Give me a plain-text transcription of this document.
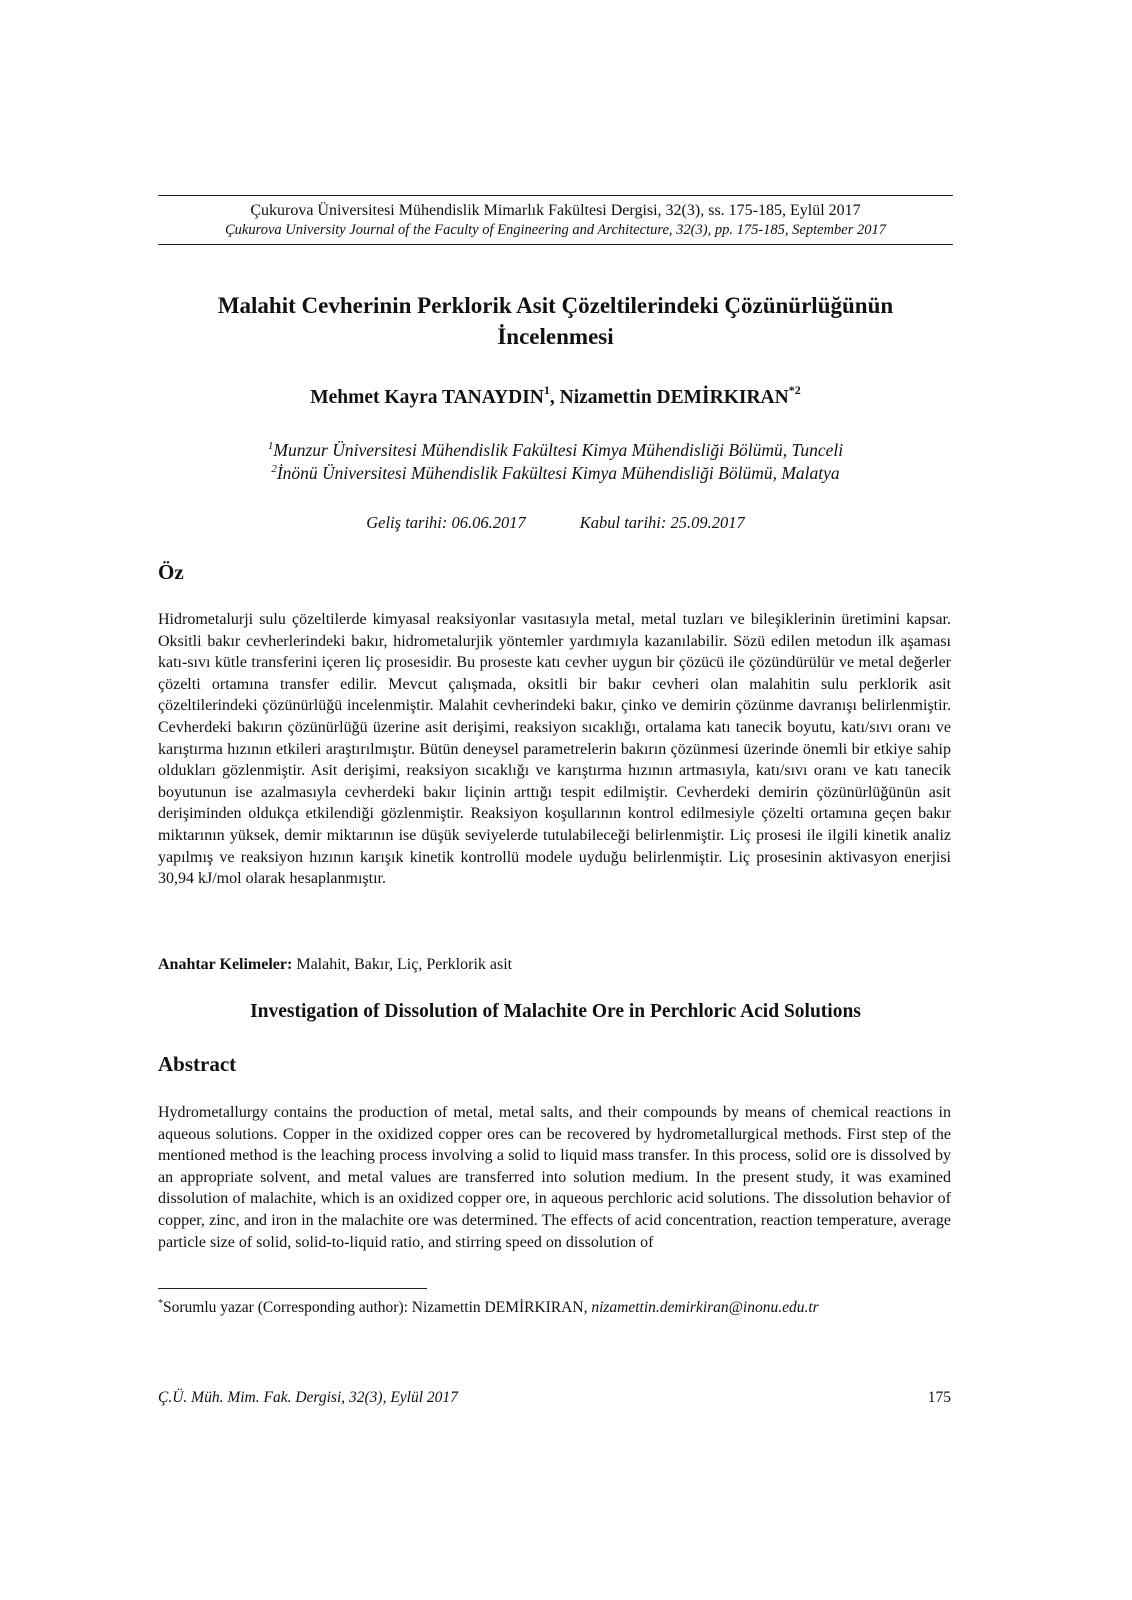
Çukurova Üniversitesi Mühendislik Mimarlık Fakültesi Dergisi, 32(3), ss. 175-185, Eylül 2017
Çukurova University Journal of the Faculty of Engineering and Architecture, 32(3), pp. 175-185, September 2017
Malahit Cevherinin Perklorik Asit Çözeltilerindeki Çözünürlüğünün
İncelenmesi
Mehmet Kayra TANAYDIN$^1$, Nizamettin DEMİRKIRAN$^{*2}$
$^1$Munzur Üniversitesi Mühendislik Fakültesi Kimya Mühendisliği Bölümü, Tunceli
$^2$İnönü Üniversitesi Mühendislik Fakültesi Kimya Mühendisliği Bölümü, Malatya
Geliş tarihi: 06.06.2017	Kabul tarihi: 25.09.2017
Öz
Hidrometalurji sulu çözeltilerde kimyasal reaksiyonlar vasıtasıyla metal, metal tuzları ve bileşiklerinin üretimini kapsar. Oksitli bakır cevherlerindeki bakır, hidrometalurjik yöntemler yardımıyla kazanılabilir. Sözü edilen metodun ilk aşaması katı-sıvı kütle transferini içeren liç prosesidir. Bu proseste katı cevher uygun bir çözücü ile çözündürülür ve metal değerler çözelti ortamına transfer edilir. Mevcut çalışmada, oksitli bir bakır cevheri olan malahitin sulu perklorik asit çözeltilerindeki çözünürlüğü incelenmiştir. Malahit cevherindeki bakır, çinko ve demirin çözünme davranışı belirlenmiştir. Cevherdeki bakırın çözünürlüğü üzerine asit derişimi, reaksiyon sıcaklığı, ortalama katı tanecik boyutu, katı/sıvı oranı ve karıştırma hızının etkileri araştırılmıştır. Bütün deneysel parametrelerin bakırın çözünmesi üzerinde önemli bir etkiye sahip oldukları gözlenmiştir. Asit derişimi, reaksiyon sıcaklığı ve karıştırma hızının artmasıyla, katı/sıvı oranı ve katı tanecik boyutunun ise azalmasıyla cevherdeki bakır liçinin arttığı tespit edilmiştir. Cevherdeki demirin çözünürlüğünün asit derişiminden oldukça etkilendiği gözlenmiştir. Reaksiyon koşullarının kontrol edilmesiyle çözelti ortamına geçen bakır miktarının yüksek, demir miktarının ise düşük seviyelerde tutulabileceği belirlenmiştir. Liç prosesi ile ilgili kinetik analiz yapılmış ve reaksiyon hızının karışık kinetik kontrollü modele uyduğu belirlenmiştir. Liç prosesinin aktivasyon enerjisi 30,94 kJ/mol olarak hesaplanmıştır.
Anahtar Kelimeler: Malahit, Bakır, Liç, Perklorik asit
Investigation of Dissolution of Malachite Ore in Perchloric Acid Solutions
Abstract
Hydrometallurgy contains the production of metal, metal salts, and their compounds by means of chemical reactions in aqueous solutions. Copper in the oxidized copper ores can be recovered by hydrometallurgical methods. First step of the mentioned method is the leaching process involving a solid to liquid mass transfer. In this process, solid ore is dissolved by an appropriate solvent, and metal values are transferred into solution medium. In the present study, it was examined dissolution of malachite, which is an oxidized copper ore, in aqueous perchloric acid solutions. The dissolution behavior of copper, zinc, and iron in the malachite ore was determined. The effects of acid concentration, reaction temperature, average particle size of solid, solid-to-liquid ratio, and stirring speed on dissolution of
*Sorumlu yazar (Corresponding author): Nizamettin DEMİRKIRAN, nizamettin.demirkiran@inonu.edu.tr
Ç.Ü. Müh. Mim. Fak. Dergisi, 32(3), Eylül 2017	175
